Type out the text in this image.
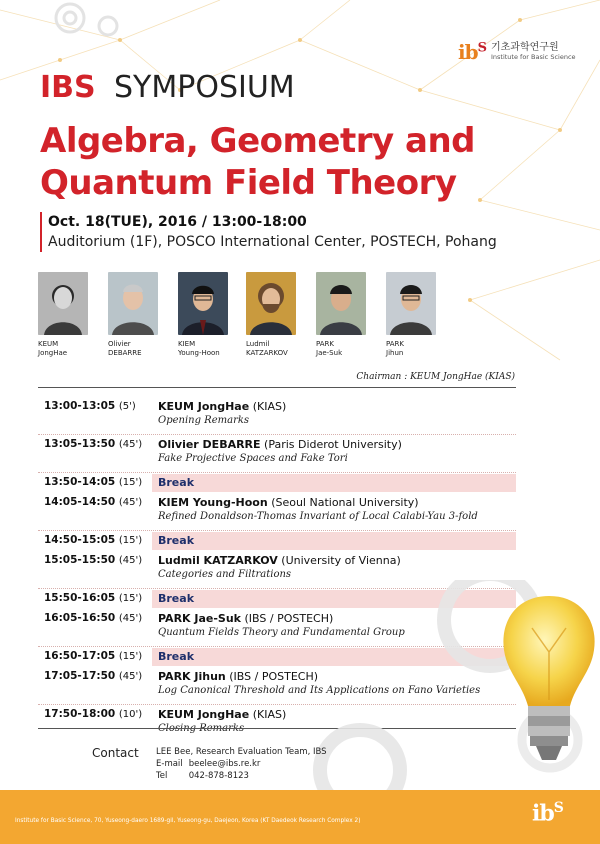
$ib^S$ 기초과학연구원
Institute for Basic Science
IBS SYMPOSIUM
Algebra, Geometry and Quantum Field Theory
Oct. 18(TUE), 2016 / 13:00-18:00
Auditorium (1F), POSCO International Center, POSTECH, Pohang
KEUM
JongHae
Olivier
DEBARRE
KIEM
Young-Hoon
Ludmil
KATZARKOV
PARK
Jae-Suk
PARK
Jihun
Chairman : KEUM JongHae (KIAS)
13:00-13:05 (5') KEUM JongHae (KIAS)
Opening Remarks
13:05-13:50 (45') Olivier DEBARRE (Paris Diderot University)
Fake Projective Spaces and Fake Tori
13:50-14:05 (15') Break
14:05-14:50 (45') KIEM Young-Hoon (Seoul National University)
Refined Donaldson-Thomas Invariant of Local Calabi-Yau 3-fold
14:50-15:05 (15') Break
15:05-15:50 (45') Ludmil KATZARKOV (University of Vienna)
Categories and Filtrations
15:50-16:05 (15') Break
16:05-16:50 (45') PARK Jae-Suk (IBS / POSTECH)
Quantum Fields Theory and Fundamental Group
16:50-17:05 (15') Break
17:05-17:50 (45') PARK Jihun (IBS / POSTECH)
Log Canonical Threshold and Its Applications on Fano Varieties
17:50-18:00 (10') KEUM JongHae (KIAS)
Closing Remarks
Contact LEE Bee, Research Evaluation Team, IBS
E-mail beelee@ibs.re.kr
Tel	042-878-8123
Institute for Basic Science, 70, Yuseong-daero 1689-gil, Yuseong-gu, Daejeon, Korea (KT Daedeok Research Complex 2)	$ib^S$
